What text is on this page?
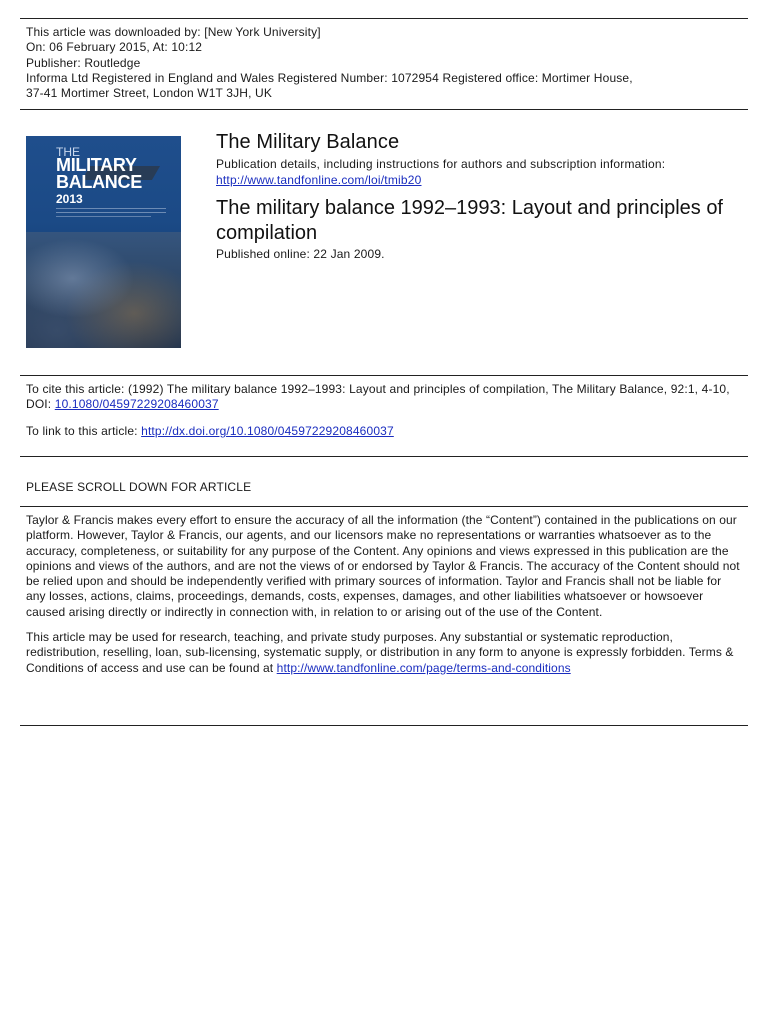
This article was downloaded by: [New York University]

On: 06 February 2015, At: 10:12

Publisher: Routledge

Informa Ltd Registered in England and Wales Registered Number: 1072954 Registered office: Mortimer House,

37-41 Mortimer Street, London W1T 3JH, UK

THE
MILITARY
BALANCE
2013
The Military Balance
Publication details, including instructions for authors and subscription information:
http://www.tandfonline.com/loi/tmib20
The military balance 1992–1993: Layout and principles of compilation
Published online: 22 Jan 2009.

To cite this article: (1992) The military balance 1992–1993: Layout and principles of compilation, The Military Balance, 92:1, 4-10, DOI: 10.1080/04597229208460037

To link to this article: http://dx.doi.org/10.1080/04597229208460037

PLEASE SCROLL DOWN FOR ARTICLE

Taylor & Francis makes every effort to ensure the accuracy of all the information (the “Content”) contained in the publications on our platform. However, Taylor & Francis, our agents, and our licensors make no representations or warranties whatsoever as to the accuracy, completeness, or suitability for any purpose of the Content. Any opinions and views expressed in this publication are the opinions and views of the authors, and are not the views of or endorsed by Taylor & Francis. The accuracy of the Content should not be relied upon and should be independently verified with primary sources of information. Taylor and Francis shall not be liable for any losses, actions, claims, proceedings, demands, costs, expenses, damages, and other liabilities whatsoever or howsoever caused arising directly or indirectly in connection with, in relation to or arising out of the use of the Content.

This article may be used for research, teaching, and private study purposes. Any substantial or systematic reproduction, redistribution, reselling, loan, sub-licensing, systematic supply, or distribution in any form to anyone is expressly forbidden. Terms & Conditions of access and use can be found at http://www.tandfonline.com/page/terms-and-conditions
